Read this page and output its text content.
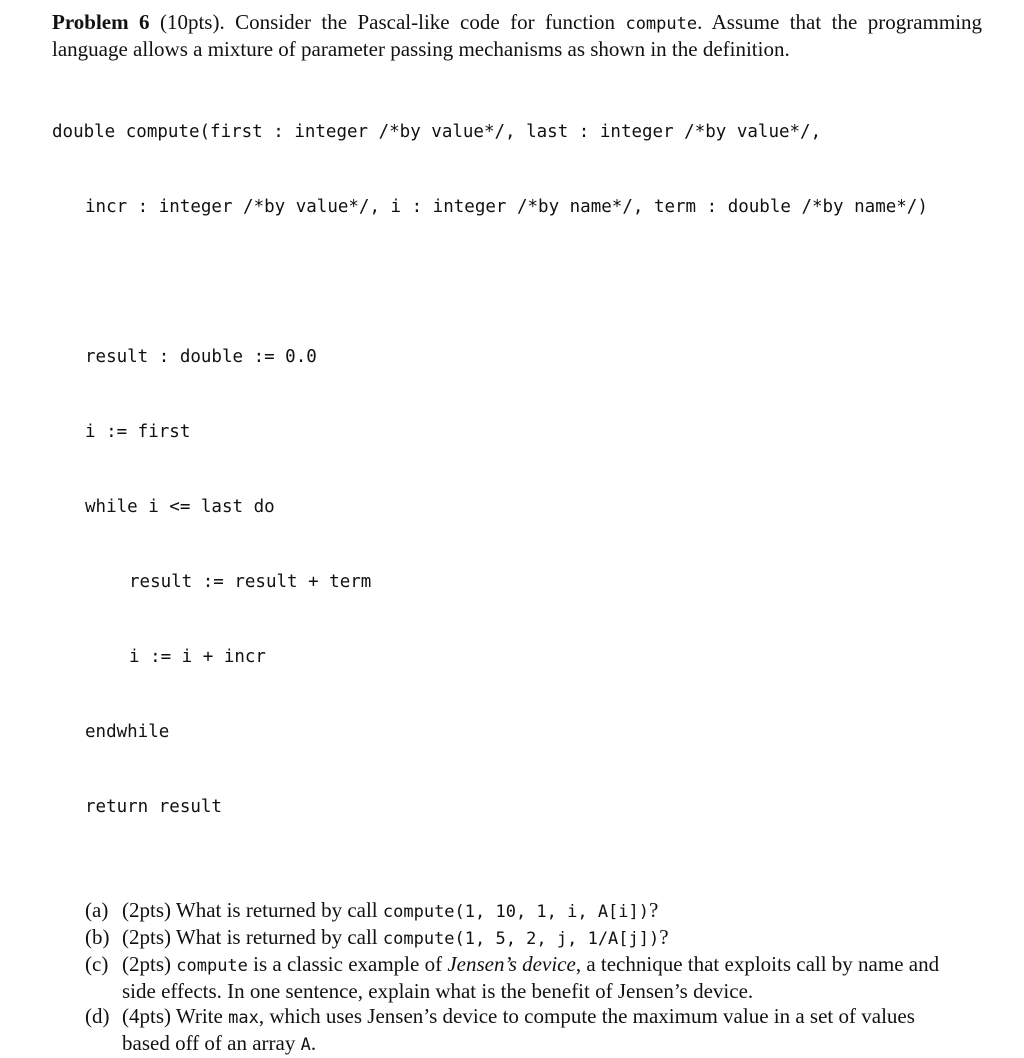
Problem 6 (10pts). Consider the Pascal-like code for function compute. Assume that the programming language allows a mixture of parameter passing mechanisms as shown in the definition.

double compute(first : integer /*by value*/, last : integer /*by value*/,

incr : integer /*by value*/, i : integer /*by name*/, term : double /*by name*/)

result : double := 0.0

i := first

while i <= last do

result := result + term

i := i + incr

endwhile

return result

(a) (2pts) What is returned by call compute(1, 10, 1, i, A[i])?
(b) (2pts) What is returned by call compute(1, 5, 2, j, 1/A[j])?
(c) (2pts) compute is a classic example of Jensen’s device, a technique that exploits call by name and side effects. In one sentence, explain what is the benefit of Jensen’s device.
(d) (4pts) Write max, which uses Jensen’s device to compute the maximum value in a set of values based off of an array A.
